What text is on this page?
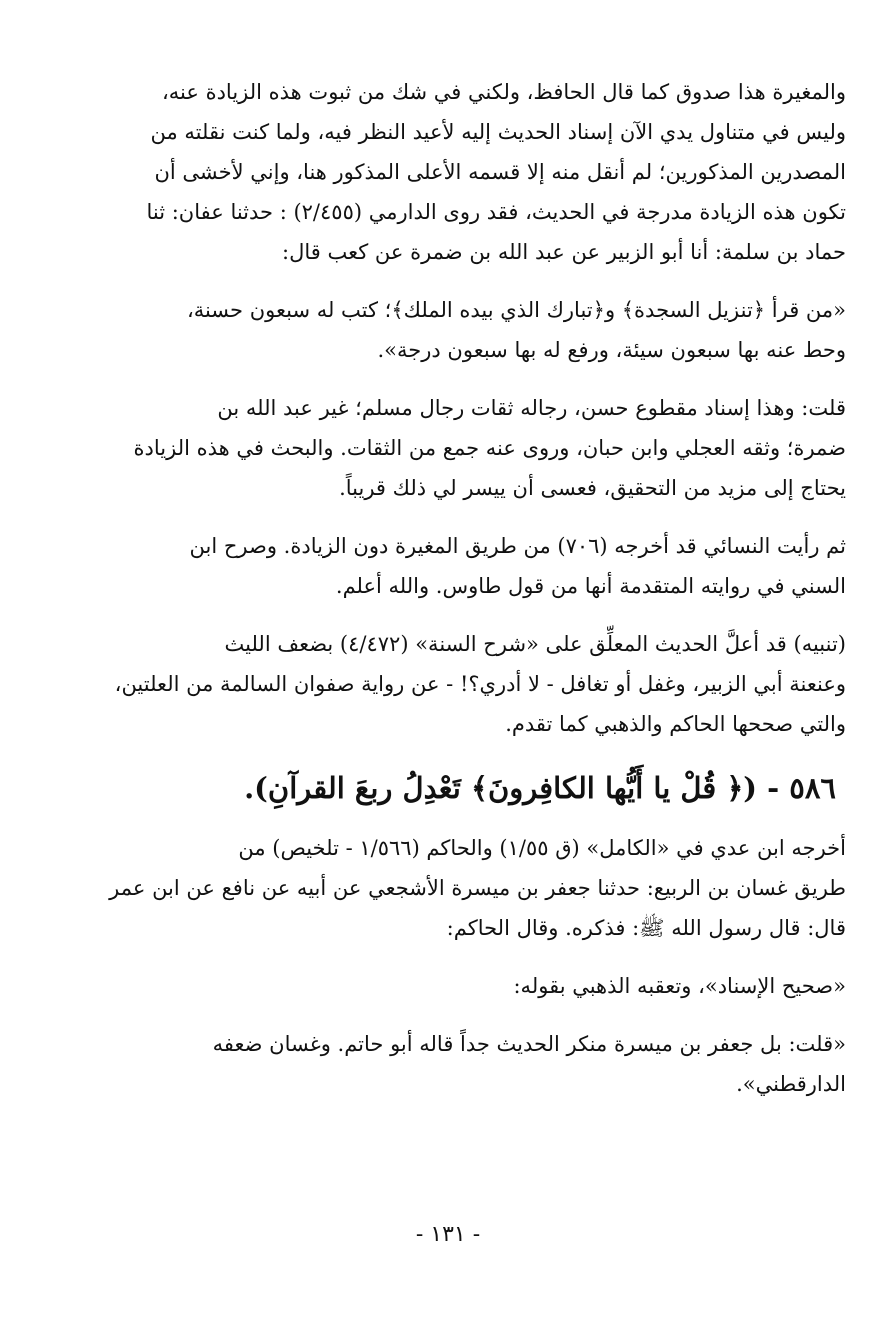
والمغيرة هذا صدوق كما قال الحافظ، ولكني في شك من ثبوت هذه الزيادة عنه،
وليس في متناول يدي الآن إسناد الحديث إليه لأعيد النظر فيه، ولما كنت نقلته من
المصدرين المذكورين؛ لم أنقل منه إلا قسمه الأعلى المذكور هنا، وإني لأخشى أن
تكون هذه الزيادة مدرجة في الحديث، فقد روى الدارمي (٢/٤٥٥) : حدثنا عفان: ثنا
حماد بن سلمة: أنا أبو الزبير عن عبد الله بن ضمرة عن كعب قال:

«من قرأ ﴿تنزيل السجدة﴾ و﴿تبارك الذي بيده الملك﴾؛ كتب له سبعون حسنة،
وحط عنه بها سبعون سيئة، ورفع له بها سبعون درجة».

قلت: وهذا إسناد مقطوع حسن، رجاله ثقات رجال مسلم؛ غير عبد الله بن
ضمرة؛ وثقه العجلي وابن حبان، وروى عنه جمع من الثقات. والبحث في هذه الزيادة
يحتاج إلى مزيد من التحقيق، فعسى أن ييسر لي ذلك قريباً.

ثم رأيت النسائي قد أخرجه (٧٠٦) من طريق المغيرة دون الزيادة. وصرح ابن
السني في روايته المتقدمة أنها من قول طاوس. والله أعلم.

(تنبيه) قد أعلَّ الحديث المعلِّق على «شرح السنة» (٤/٤٧٢) بضعف الليث
وعنعنة أبي الزبير، وغفل أو تغافل - لا أدري؟! - عن رواية صفوان السالمة من العلتين،
والتي صححها الحاكم والذهبي كما تقدم.

٥٨٦ - (﴿ قُلْ يا أَيُّها الكافِرونَ﴾ تَعْدِلُ ربعَ القرآنِ).

أخرجه ابن عدي في «الكامل» (ق ١/٥٥) والحاكم (١/٥٦٦ - تلخيص) من
طريق غسان بن الربيع: حدثنا جعفر بن ميسرة الأشجعي عن أبيه عن نافع عن ابن عمر
قال: قال رسول الله ﷺ: فذكره. وقال الحاكم:

«صحيح الإسناد»، وتعقبه الذهبي بقوله:

«قلت: بل جعفر بن ميسرة منكر الحديث جداً قاله أبو حاتم. وغسان ضعفه
الدارقطني».

- ١٣١ -
